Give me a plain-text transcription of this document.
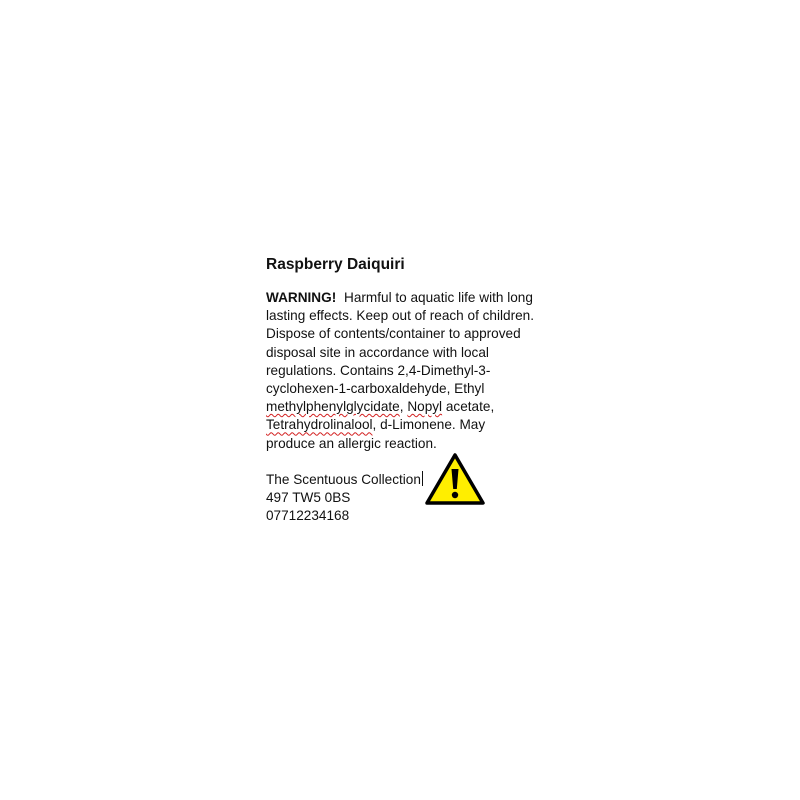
Raspberry Daiquiri

WARNING! Harmful to aquatic life with long lasting effects. Keep out of reach of children. Dispose of contents/container to approved disposal site in accordance with local regulations. Contains 2,4-Dimethyl-3-cyclohexen-1-carboxaldehyde, Ethyl methylphenylglycidate, Nopyl acetate, Tetrahydrolinalool, d-Limonene. May produce an allergic reaction.

The Scentuous Collection
497 TW5 0BS
07712234168
